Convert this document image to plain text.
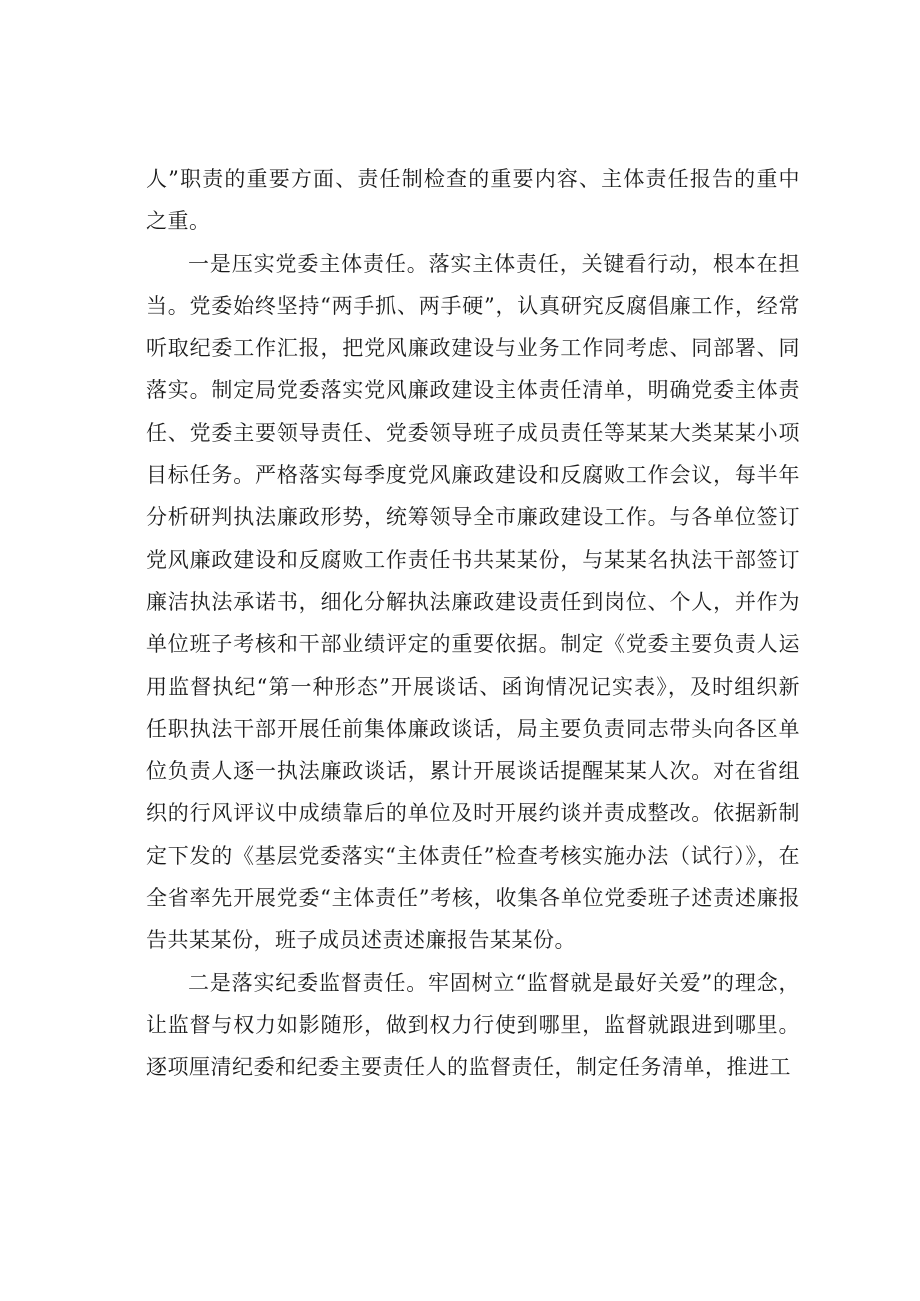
人”职责的重要方面、责任制检查的重要内容、主体责任报告的重中之重。

一是压实党委主体责任。落实主体责任，关键看行动，根本在担当。党委始终坚持“两手抓、两手硬”，认真研究反腐倡廉工作，经常听取纪委工作汇报，把党风廉政建设与业务工作同考虑、同部署、同落实。制定局党委落实党风廉政建设主体责任清单，明确党委主体责任、党委主要领导责任、党委领导班子成员责任等某某大类某某小项目标任务。严格落实每季度党风廉政建设和反腐败工作会议，每半年分析研判执法廉政形势，统筹领导全市廉政建设工作。与各单位签订党风廉政建设和反腐败工作责任书共某某份，与某某名执法干部签订廉洁执法承诺书，细化分解执法廉政建设责任到岗位、个人，并作为单位班子考核和干部业绩评定的重要依据。制定《党委主要负责人运用监督执纪“第一种形态”开展谈话、函询情况记实表》，及时组织新任职执法干部开展任前集体廉政谈话，局主要负责同志带头向各区单位负责人逐一执法廉政谈话，累计开展谈话提醒某某人次。对在省组织的行风评议中成绩靠后的单位及时开展约谈并责成整改。依据新制定下发的《基层党委落实“主体责任”检查考核实施办法（试行）》，在全省率先开展党委“主体责任”考核，收集各单位党委班子述责述廉报告共某某份，班子成员述责述廉报告某某份。

二是落实纪委监督责任。牢固树立“监督就是最好关爱”的理念，让监督与权力如影随形，做到权力行使到哪里，监督就跟进到哪里。逐项厘清纪委和纪委主要责任人的监督责任，制定任务清单，推进工
